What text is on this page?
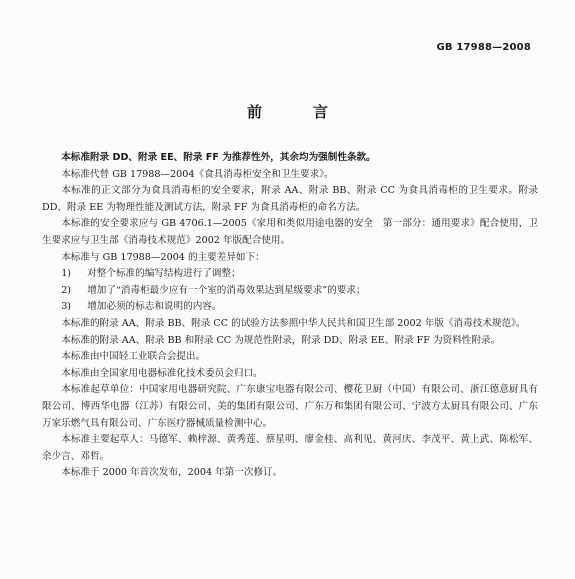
GB 17988—2008
前　言

本标准附录 DD、附录 EE、附录 FF 为推荐性外，其余均为强制性条款。

本标准代替 GB 17988—2004《食具消毒柜安全和卫生要求》。

本标准的正文部分为食具消毒柜的安全要求，附录 AA、附录 BB、附录 CC 为食具消毒柜的卫生要求。附录 DD、附录 EE 为物理性能及测试方法，附录 FF 为食具消毒柜的命名方法。

本标准的安全要求应与 GB 4706.1—2005《家用和类似用途电器的安全　第一部分：通用要求》配合使用，卫生要求应与卫生部《消毒技术规范》2002 年版配合使用。

本标准与 GB 17988—2004 的主要差异如下：

1) 对整个标准的编写结构进行了调整；
2) 增加了“消毒柜最少应有一个室的消毒效果达到星级要求”的要求；
3) 增加必须的标志和说明的内容。

本标准的附录 AA、附录 BB、附录 CC 的试验方法参照中华人民共和国卫生部 2002 年版《消毒技术规范》。

本标准的附录 AA、附录 BB 和附录 CC 为规范性附录，附录 DD、附录 EE、附录 FF 为资料性附录。

本标准由中国轻工业联合会提出。

本标准由全国家用电器标准化技术委员会归口。

本标准起草单位：中国家用电器研究院、广东康宝电器有限公司、樱花卫厨（中国）有限公司、浙江德意厨具有限公司、博西华电器（江苏）有限公司、美的集团有限公司、广东万和集团有限公司、宁波方太厨具有限公司、广东万家乐燃气具有限公司、广东医疗器械质量检测中心。

本标准主要起草人：马德军、赖梓源、黄秀莲、蔡星明、廖金桂、高利见、黄河庆、李茂平、黄上武、陈松军、余少言、邓哲。

本标准于 2000 年首次发布，2004 年第一次修订。
